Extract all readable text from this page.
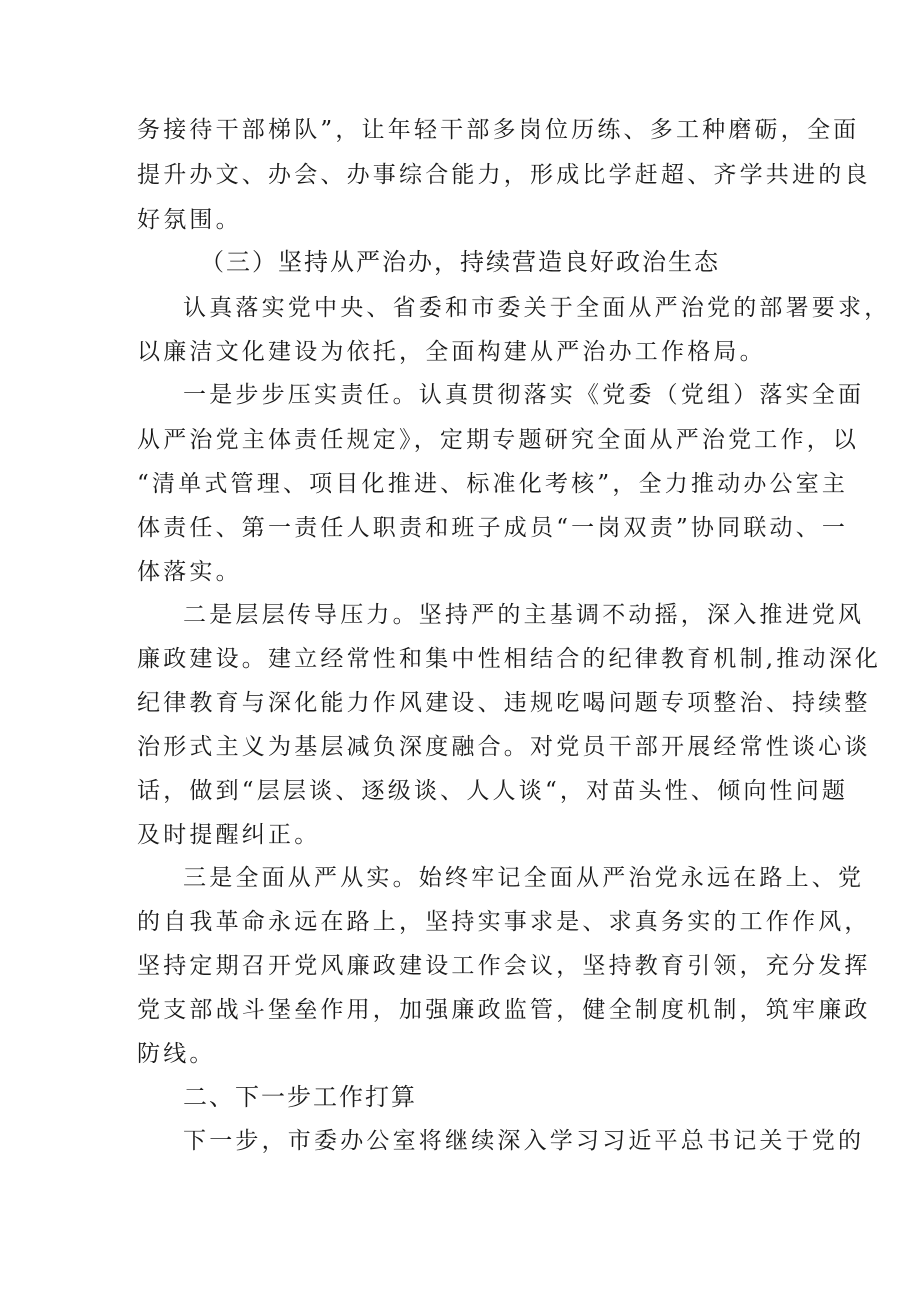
务接待干部梯队”，让年轻干部多岗位历练、多工种磨砺，全面
提升办文、办会、办事综合能力，形成比学赶超、齐学共进的良
好氛围。
（三）坚持从严治办，持续营造良好政治生态
认真落实党中央、省委和市委关于全面从严治党的部署要求，
以廉洁文化建设为依托，全面构建从严治办工作格局。
一是步步压实责任。认真贯彻落实《党委（党组）落实全面
从严治党主体责任规定》，定期专题研究全面从严治党工作，以
“清单式管理、项目化推进、标准化考核”，全力推动办公室主
体责任、第一责任人职责和班子成员“一岗双责”协同联动、一
体落实。
二是层层传导压力。坚持严的主基调不动摇，深入推进党风
廉政建设。建立经常性和集中性相结合的纪律教育机制,推动深化
纪律教育与深化能力作风建设、违规吃喝问题专项整治、持续整
治形式主义为基层减负深度融合。对党员干部开展经常性谈心谈
话，做到“层层谈、逐级谈、人人谈“，对苗头性、倾向性问题
及时提醒纠正。
三是全面从严从实。始终牢记全面从严治党永远在路上、党
的自我革命永远在路上，坚持实事求是、求真务实的工作作风，
坚持定期召开党风廉政建设工作会议，坚持教育引领，充分发挥
党支部战斗堡垒作用，加强廉政监管，健全制度机制，筑牢廉政
防线。
二、下一步工作打算
下一步，市委办公室将继续深入学习习近平总书记关于党的
